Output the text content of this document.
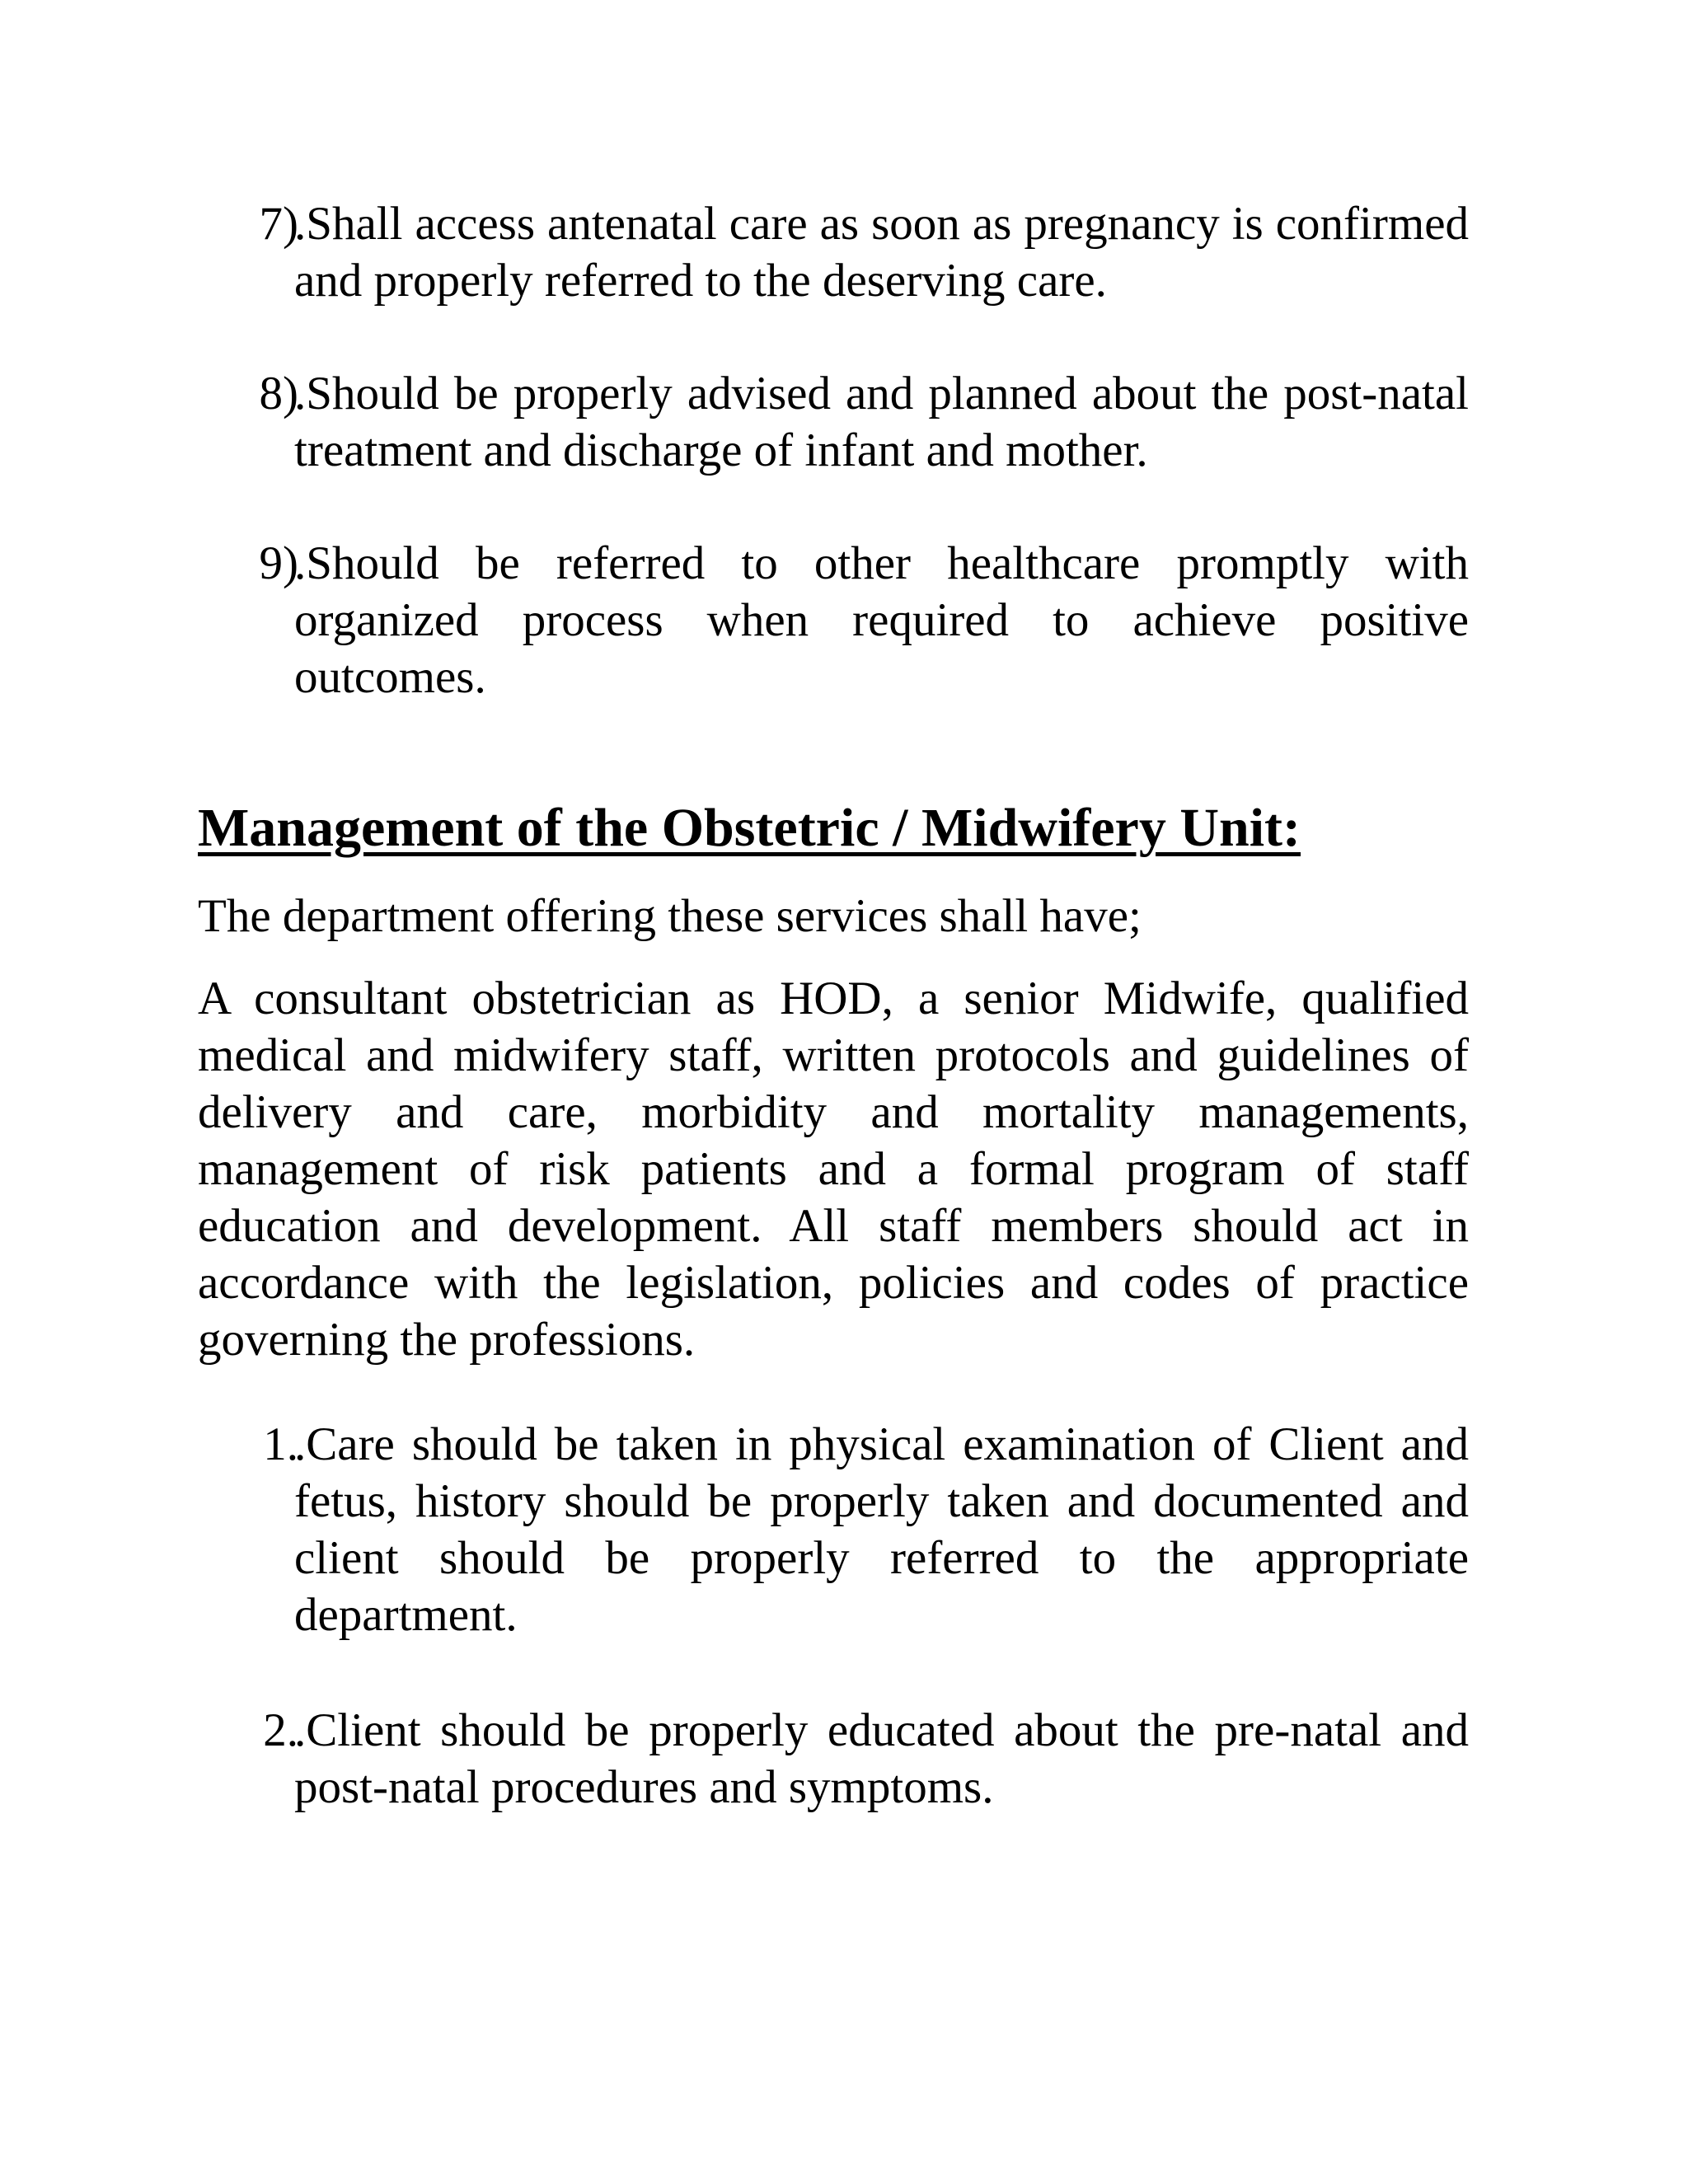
7)
.Shall access antenatal care as soon as pregnancy is confirmed and properly referred to the deserving care.
8)
.Should be properly advised and planned about the post-natal treatment and discharge of infant and mother.
9)
.Should be referred to other healthcare promptly with organized process when required to achieve positive outcomes.
Management of the Obstetric / Midwifery Unit:
The department offering these services shall have;
A consultant obstetrician as HOD, a senior Midwife, qualified medical and midwifery staff, written protocols and guidelines of delivery and care, morbidity and mortality managements, management of risk patients and a formal program of staff education and development. All staff members should act in accordance with the legislation, policies and codes of practice governing the professions.
1.
.Care should be taken in physical examination of Client and fetus, history should be properly taken and documented and client should be properly referred to the appropriate department.
2.
.Client should be properly educated about the pre-natal and post-natal procedures and symptoms.
